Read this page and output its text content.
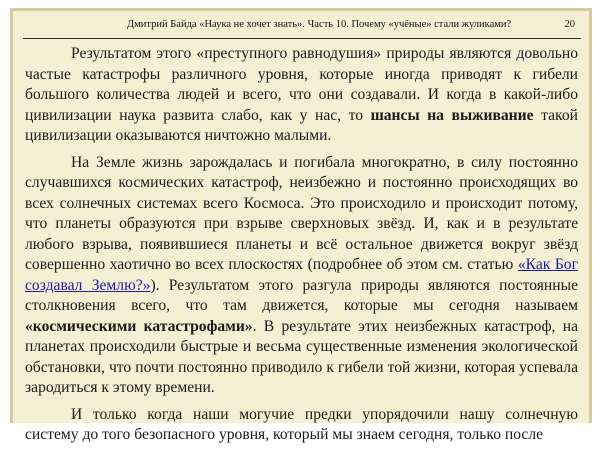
Дмитрий Байда «Наука не хочет знать». Часть 10. Почему «учёные» стали жуликами?	20

Результатом этого «преступного равнодушия» природы являются довольно частые катастрофы различного уровня, которые иногда приводят к гибели большого количества людей и всего, что они создавали. И когда в какой-либо цивилизации наука развита слабо, как у нас, то шансы на выживание такой цивилизации оказываются ничтожно малыми.

На Земле жизнь зарождалась и погибала многократно, в силу постоянно случавшихся космических катастроф, неизбежно и постоянно происходящих во всех солнечных системах всего Космоса. Это происходило и происходит потому, что планеты образуются при взрыве сверхновых звёзд. И, как и в результате любого взрыва, появившиеся планеты и всё остальное движется вокруг звёзд совершенно хаотично во всех плоскостях (подробнее об этом см. статью «Как Бог создавал Землю?»). Результатом этого разгула природы являются постоянные столкновения всего, что там движется, которые мы сегодня называем «космическими катастрофами». В результате этих неизбежных катастроф, на планетах происходили быстрые и весьма существенные изменения экологической обстановки, что почти постоянно приводило к гибели той жизни, которая успевала зародиться к этому времени.

И только когда наши могучие предки упорядочили нашу солнечную систему до того безопасного уровня, который мы знаем сегодня, только после
